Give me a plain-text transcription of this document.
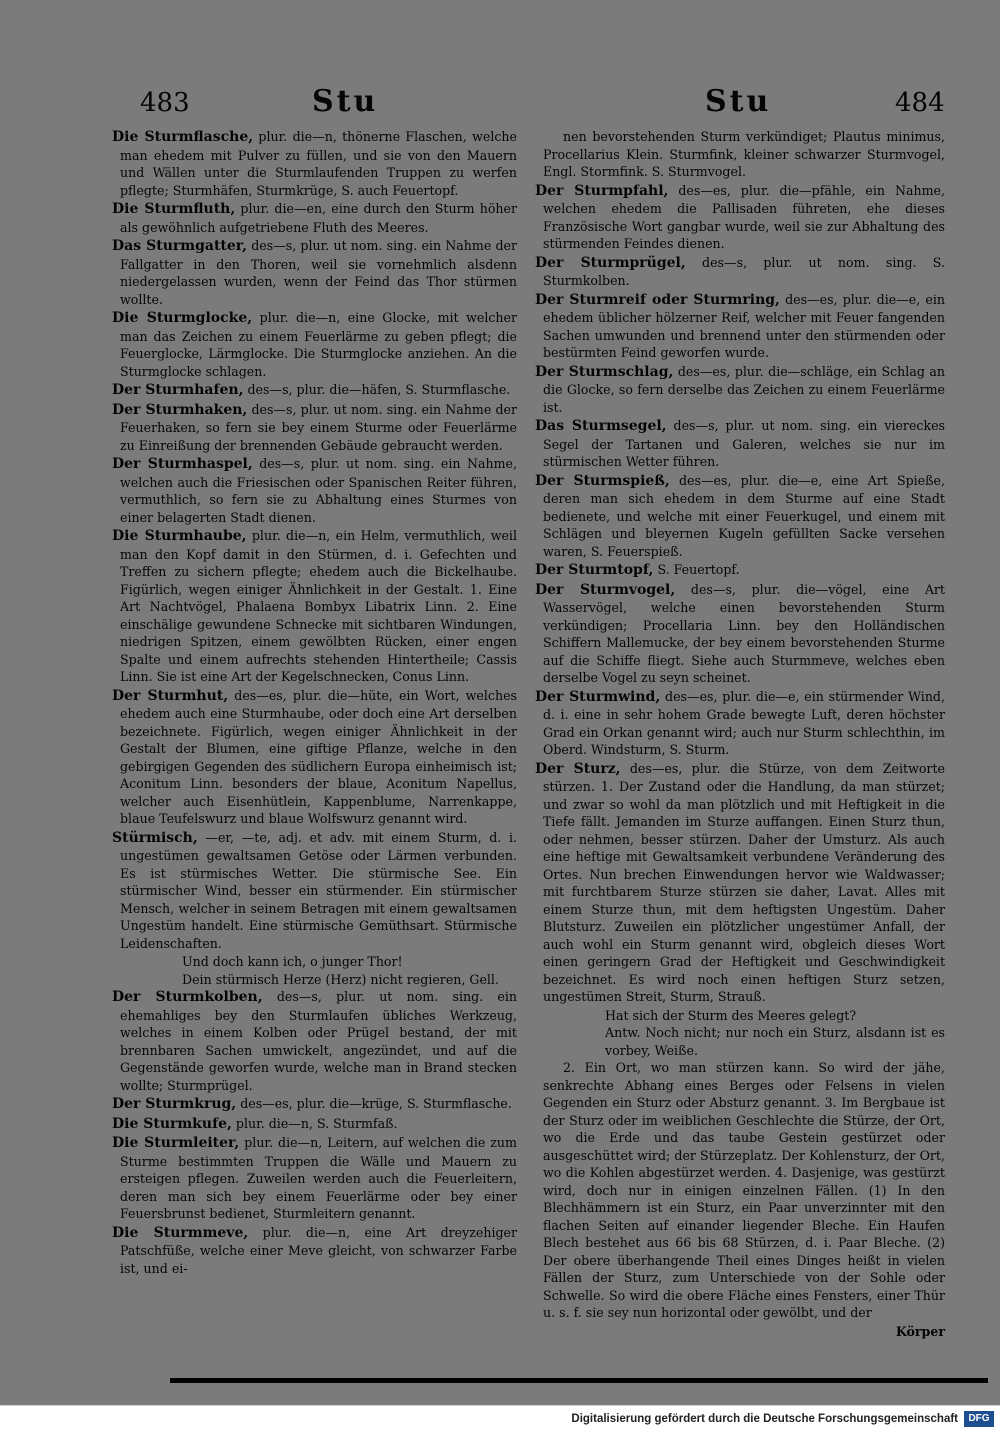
483	Stu	Stu	484

Die Sturmflasche, plur. die—n, thönerne Flaschen, welche man ehedem mit Pulver zu füllen, und sie von den Mauern und Wällen unter die Sturmlaufenden Truppen zu werfen pflegte; Sturmhäfen, Sturmkrüge, S. auch Feuertopf.

Die Sturmfluth, plur. die—en, eine durch den Sturm höher als gewöhnlich aufgetriebene Fluth des Meeres.

Das Sturmgatter, des—s, plur. ut nom. sing. ein Nahme der Fallgatter in den Thoren, weil sie vornehmlich alsdenn niedergelassen wurden, wenn der Feind das Thor stürmen wollte.

Die Sturmglocke, plur. die—n, eine Glocke, mit welcher man das Zeichen zu einem Feuerlärme zu geben pflegt; die Feuerglocke, Lärmglocke. Die Sturmglocke anziehen. An die Sturmglocke schlagen.

Der Sturmhafen, des—s, plur. die—häfen, S. Sturmflasche.

Der Sturmhaken, des—s, plur. ut nom. sing. ein Nahme der Feuerhaken, so fern sie bey einem Sturme oder Feuerlärme zu Einreißung der brennenden Gebäude gebraucht werden.

Der Sturmhaspel, des—s, plur. ut nom. sing. ein Nahme, welchen auch die Friesischen oder Spanischen Reiter führen, vermuthlich, so fern sie zu Abhaltung eines Sturmes von einer belagerten Stadt dienen.

Die Sturmhaube, plur. die—n, ein Helm, vermuthlich, weil man den Kopf damit in den Stürmen, d. i. Gefechten und Treffen zu sichern pflegte; ehedem auch die Bickelhaube. Figürlich, wegen einiger Ähnlichkeit in der Gestalt. 1. Eine Art Nachtvögel, Phalaena Bombyx Libatrix Linn. 2. Eine einschälige gewundene Schnecke mit sichtbaren Windungen, niedrigen Spitzen, einem gewölbten Rücken, einer engen Spalte und einem aufrechts stehenden Hintertheile; Cassis Linn. Sie ist eine Art der Kegelschnecken, Conus Linn.

Der Sturmhut, des—es, plur. die—hüte, ein Wort, welches ehedem auch eine Sturmhaube, oder doch eine Art derselben bezeichnete. Figürlich, wegen einiger Ähnlichkeit in der Gestalt der Blumen, eine giftige Pflanze, welche in den gebirgigen Gegenden des südlichern Europa einheimisch ist; Aconitum Linn. besonders der blaue, Aconitum Napellus, welcher auch Eisenhütlein, Kappenblume, Narrenkappe, blaue Teufelswurz und blaue Wolfswurz genannt wird.

Stürmisch, —er, —te, adj. et adv. mit einem Sturm, d. i. ungestümen gewaltsamen Getöse oder Lärmen verbunden. Es ist stürmisches Wetter. Die stürmische See. Ein stürmischer Wind, besser ein stürmender. Ein stürmischer Mensch, welcher in seinem Betragen mit einem gewaltsamen Ungestüm handelt. Eine stürmische Gemüthsart. Stürmische Leidenschaften.

Und doch kann ich, o junger Thor!

Dein stürmisch Herze (Herz) nicht regieren, Gell.

Der Sturmkolben, des—s, plur. ut nom. sing. ein ehemahliges bey den Sturmlaufen übliches Werkzeug, welches in einem Kolben oder Prügel bestand, der mit brennbaren Sachen umwickelt, angezündet, und auf die Gegenstände geworfen wurde, welche man in Brand stecken wollte; Sturmprügel.

Der Sturmkrug, des—es, plur. die—krüge, S. Sturmflasche.

Die Sturmkufe, plur. die—n, S. Sturmfaß.

Die Sturmleiter, plur. die—n, Leitern, auf welchen die zum Sturme bestimmten Truppen die Wälle und Mauern zu ersteigen pflegen. Zuweilen werden auch die Feuerleitern, deren man sich bey einem Feuerlärme oder bey einer Feuersbrunst bedienet, Sturmleitern genannt.

Die Sturmmeve, plur. die—n, eine Art dreyzehiger Patschfüße, welche einer Meve gleicht, von schwarzer Farbe ist, und ei-

nen bevorstehenden Sturm verkündiget; Plautus minimus, Procellarius Klein. Sturmfink, kleiner schwarzer Sturmvogel, Engl. Stormfink. S. Sturmvogel.

Der Sturmpfahl, des—es, plur. die—pfähle, ein Nahme, welchen ehedem die Pallisaden führeten, ehe dieses Französische Wort gangbar wurde, weil sie zur Abhaltung des stürmenden Feindes dienen.

Der Sturmprügel, des—s, plur. ut nom. sing. S. Sturmkolben.

Der Sturmreif oder Sturmring, des—es, plur. die—e, ein ehedem üblicher hölzerner Reif, welcher mit Feuer fangenden Sachen umwunden und brennend unter den stürmenden oder bestürmten Feind geworfen wurde.

Der Sturmschlag, des—es, plur. die—schläge, ein Schlag an die Glocke, so fern derselbe das Zeichen zu einem Feuerlärme ist.

Das Sturmsegel, des—s, plur. ut nom. sing. ein viereckes Segel der Tartanen und Galeren, welches sie nur im stürmischen Wetter führen.

Der Sturmspieß, des—es, plur. die—e, eine Art Spieße, deren man sich ehedem in dem Sturme auf eine Stadt bedienete, und welche mit einer Feuerkugel, und einem mit Schlägen und bleyernen Kugeln gefüllten Sacke versehen waren, S. Feuerspieß.

Der Sturmtopf, S. Feuertopf.

Der Sturmvogel, des—s, plur. die—vögel, eine Art Wasservögel, welche einen bevorstehenden Sturm verkündigen; Procellaria Linn. bey den Holländischen Schiffern Mallemucke, der bey einem bevorstehenden Sturme auf die Schiffe fliegt. Siehe auch Sturmmeve, welches eben derselbe Vogel zu seyn scheinet.

Der Sturmwind, des—es, plur. die—e, ein stürmender Wind, d. i. eine in sehr hohem Grade bewegte Luft, deren höchster Grad ein Orkan genannt wird; auch nur Sturm schlechthin, im Oberd. Windsturm, S. Sturm.

Der Sturz, des—es, plur. die Stürze, von dem Zeitworte stürzen. 1. Der Zustand oder die Handlung, da man stürzet; und zwar so wohl da man plötzlich und mit Heftigkeit in die Tiefe fällt. Jemanden im Sturze auffangen. Einen Sturz thun, oder nehmen, besser stürzen. Daher der Umsturz. Als auch eine heftige mit Gewaltsamkeit verbundene Veränderung des Ortes. Nun brechen Einwendungen hervor wie Waldwasser; mit furchtbarem Sturze stürzen sie daher, Lavat. Alles mit einem Sturze thun, mit dem heftigsten Ungestüm. Daher Blutsturz. Zuweilen ein plötzlicher ungestümer Anfall, der auch wohl ein Sturm genannt wird, obgleich dieses Wort einen geringern Grad der Heftigkeit und Geschwindigkeit bezeichnet. Es wird noch einen heftigen Sturz setzen, ungestümen Streit, Sturm, Strauß.

Hat sich der Sturm des Meeres gelegt?

Antw. Noch nicht; nur noch ein Sturz, alsdann ist es vorbey, Weiße.

2. Ein Ort, wo man stürzen kann. So wird der jähe, senkrechte Abhang eines Berges oder Felsens in vielen Gegenden ein Sturz oder Absturz genannt. 3. Im Bergbaue ist der Sturz oder im weiblichen Geschlechte die Stürze, der Ort, wo die Erde und das taube Gestein gestürzet oder ausgeschüttet wird; der Stürzeplatz. Der Kohlensturz, der Ort, wo die Kohlen abgestürzet werden. 4. Dasjenige, was gestürzt wird, doch nur in einigen einzelnen Fällen. (1) In den Blechhämmern ist ein Sturz, ein Paar unverzinnter mit den flachen Seiten auf einander liegender Bleche. Ein Haufen Blech bestehet aus 66 bis 68 Stürzen, d. i. Paar Bleche. (2) Der obere überhangende Theil eines Dinges heißt in vielen Fällen der Sturz, zum Unterschiede von der Sohle oder Schwelle. So wird die obere Fläche eines Fensters, einer Thür u. s. f. sie sey nun horizontal oder gewölbt, und der

Körper

Digitalisierung gefördert durch die Deutsche Forschungsgemeinschaft	DFG
